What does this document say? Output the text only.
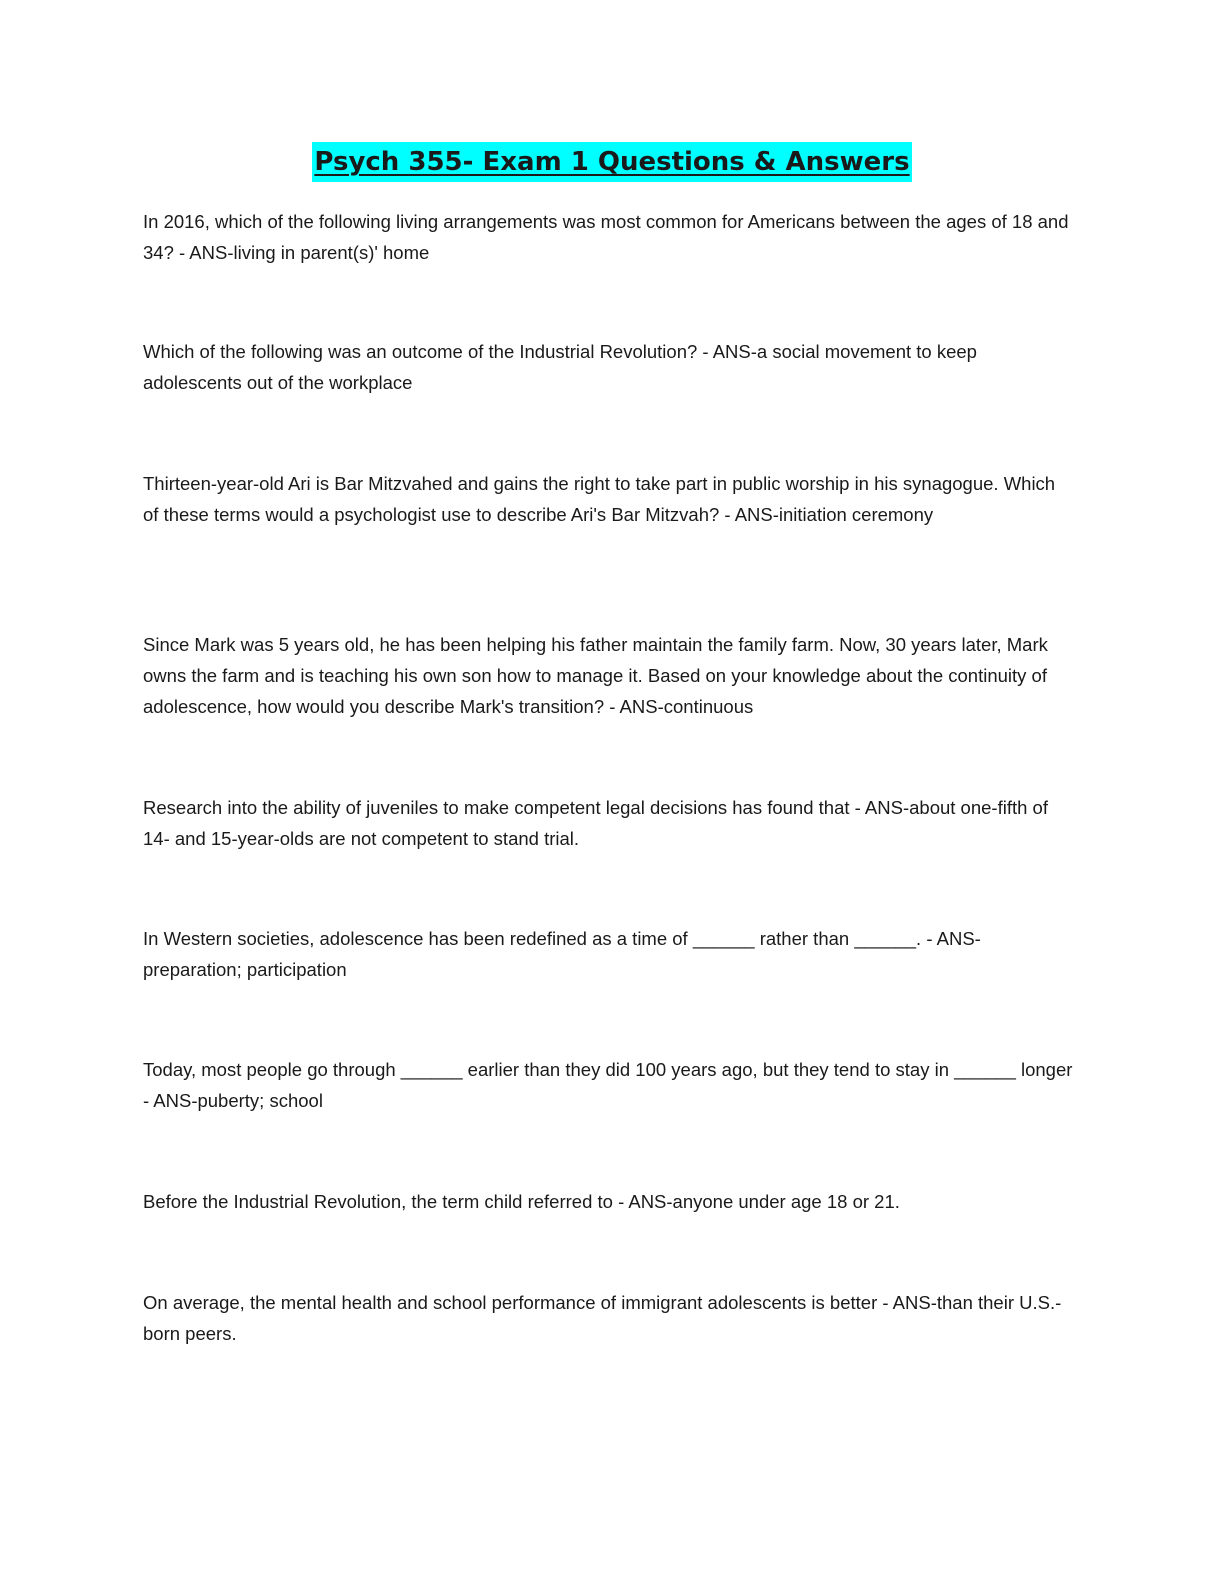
Psych 355- Exam 1 Questions & Answers

In 2016, which of the following living arrangements was most common for Americans between the ages of 18 and 34? - ANS-living in parent(s)' home

Which of the following was an outcome of the Industrial Revolution? - ANS-a social movement to keep adolescents out of the workplace

Thirteen-year-old Ari is Bar Mitzvahed and gains the right to take part in public worship in his synagogue. Which of these terms would a psychologist use to describe Ari's Bar Mitzvah? - ANS-initiation ceremony

Since Mark was 5 years old, he has been helping his father maintain the family farm. Now, 30 years later, Mark owns the farm and is teaching his own son how to manage it. Based on your knowledge about the continuity of adolescence, how would you describe Mark's transition? - ANS-continuous

Research into the ability of juveniles to make competent legal decisions has found that - ANS-about one-fifth of 14- and 15-year-olds are not competent to stand trial.

In Western societies, adolescence has been redefined as a time of ______ rather than ______. - ANS-preparation; participation

Today, most people go through ______ earlier than they did 100 years ago, but they tend to stay in ______ longer - ANS-puberty; school

Before the Industrial Revolution, the term child referred to - ANS-anyone under age 18 or 21.

On average, the mental health and school performance of immigrant adolescents is better - ANS-than their U.S.-born peers.
